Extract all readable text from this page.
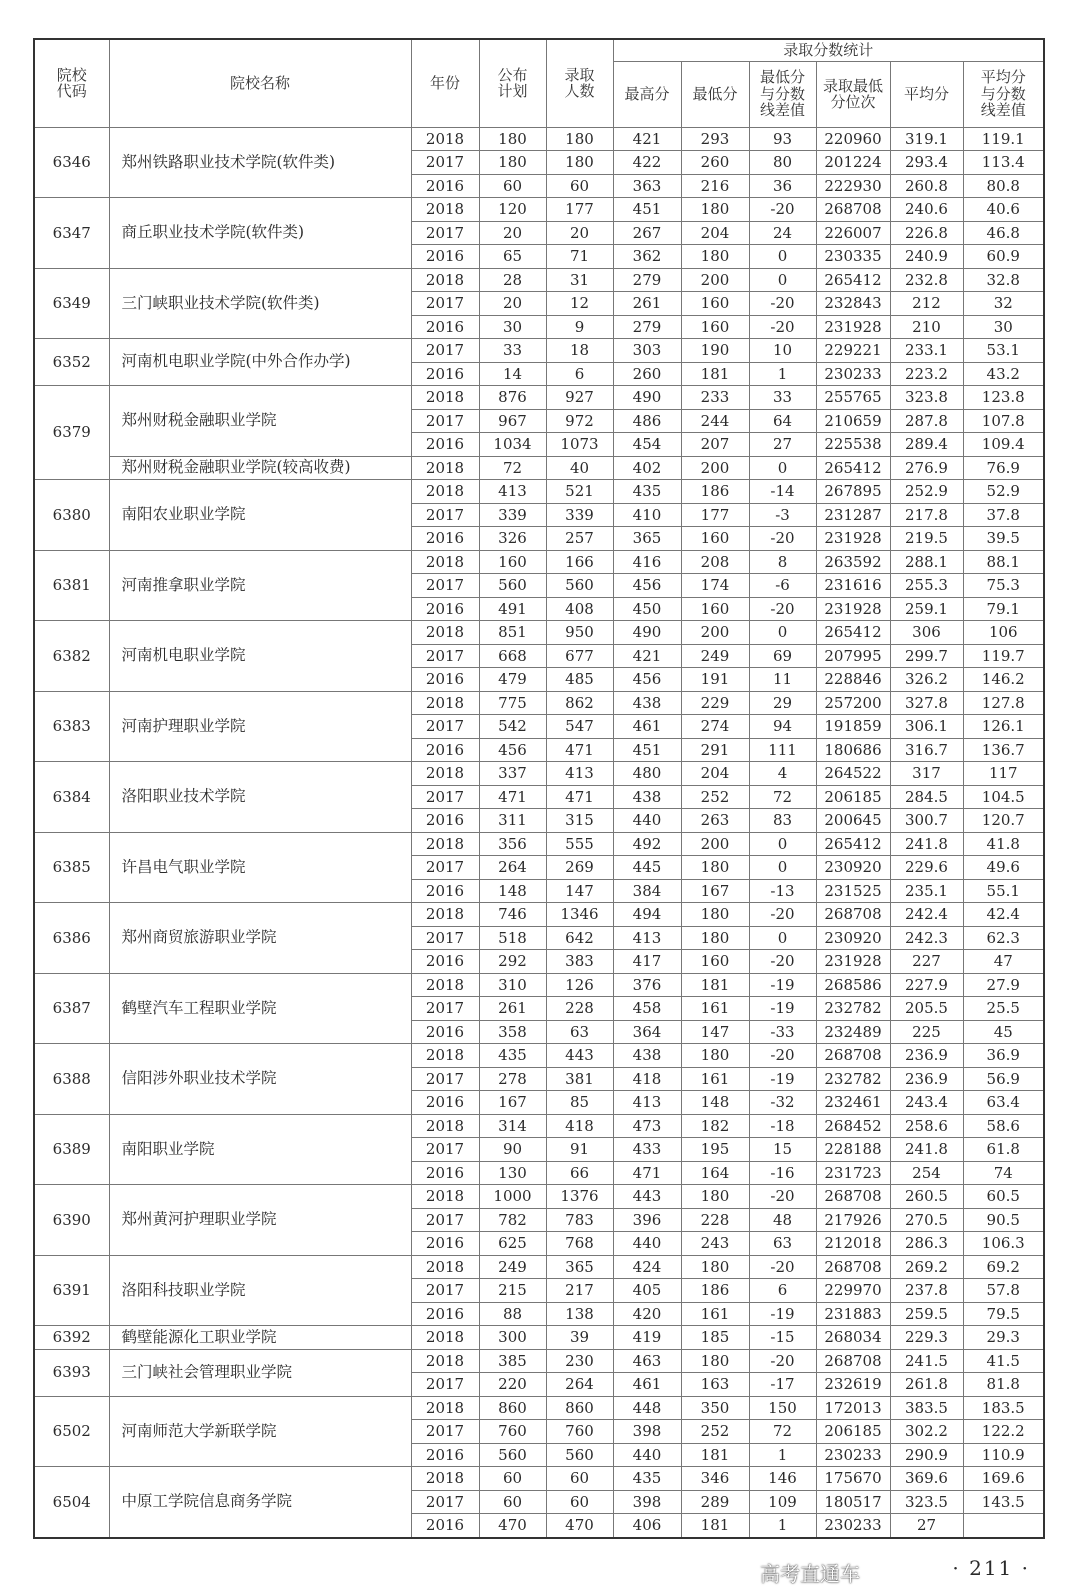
院校代码	院校名称	年份	公布计划	录取人数	录取分数统计					
					最高分	最低分	最低分与分数线差值	录取最低分位次	平均分	平均分与分数线差值
6346	郑州铁路职业技术学院(软件类)	2018	180	180	421	293	93	220960	319.1	119.1
		2017	180	180	422	260	80	201224	293.4	113.4
		2016	60	60	363	216	36	222930	260.8	80.8
6347	商丘职业技术学院(软件类)	2018	120	177	451	180	-20	268708	240.6	40.6
		2017	20	20	267	204	24	226007	226.8	46.8
		2016	65	71	362	180	0	230335	240.9	60.9
6349	三门峡职业技术学院(软件类)	2018	28	31	279	200	0	265412	232.8	32.8
		2017	20	12	261	160	-20	232843	212	32
		2016	30	9	279	160	-20	231928	210	30
6352	河南机电职业学院(中外合作办学)	2017	33	18	303	190	10	229221	233.1	53.1
		2016	14	6	260	181	1	230233	223.2	43.2
6379	郑州财税金融职业学院	2018	876	927	490	233	33	255765	323.8	123.8
		2017	967	972	486	244	64	210659	287.8	107.8
		2016	1034	1073	454	207	27	225538	289.4	109.4
	郑州财税金融职业学院(较高收费)	2018	72	40	402	200	0	265412	276.9	76.9
6380	南阳农业职业学院	2018	413	521	435	186	-14	267895	252.9	52.9
		2017	339	339	410	177	-3	231287	217.8	37.8
		2016	326	257	365	160	-20	231928	219.5	39.5
6381	河南推拿职业学院	2018	160	166	416	208	8	263592	288.1	88.1
		2017	560	560	456	174	-6	231616	255.3	75.3
		2016	491	408	450	160	-20	231928	259.1	79.1
6382	河南机电职业学院	2018	851	950	490	200	0	265412	306	106
		2017	668	677	421	249	69	207995	299.7	119.7
		2016	479	485	456	191	11	228846	326.2	146.2
6383	河南护理职业学院	2018	775	862	438	229	29	257200	327.8	127.8
		2017	542	547	461	274	94	191859	306.1	126.1
		2016	456	471	451	291	111	180686	316.7	136.7
6384	洛阳职业技术学院	2018	337	413	480	204	4	264522	317	117
		2017	471	471	438	252	72	206185	284.5	104.5
		2016	311	315	440	263	83	200645	300.7	120.7
6385	许昌电气职业学院	2018	356	555	492	200	0	265412	241.8	41.8
		2017	264	269	445	180	0	230920	229.6	49.6
		2016	148	147	384	167	-13	231525	235.1	55.1
6386	郑州商贸旅游职业学院	2018	746	1346	494	180	-20	268708	242.4	42.4
		2017	518	642	413	180	0	230920	242.3	62.3
		2016	292	383	417	160	-20	231928	227	47
6387	鹤壁汽车工程职业学院	2018	310	126	376	181	-19	268586	227.9	27.9
		2017	261	228	458	161	-19	232782	205.5	25.5
		2016	358	63	364	147	-33	232489	225	45
6388	信阳涉外职业技术学院	2018	435	443	438	180	-20	268708	236.9	36.9
		2017	278	381	418	161	-19	232782	236.9	56.9
		2016	167	85	413	148	-32	232461	243.4	63.4
6389	南阳职业学院	2018	314	418	473	182	-18	268452	258.6	58.6
		2017	90	91	433	195	15	228188	241.8	61.8
		2016	130	66	471	164	-16	231723	254	74
6390	郑州黄河护理职业学院	2018	1000	1376	443	180	-20	268708	260.5	60.5
		2017	782	783	396	228	48	217926	270.5	90.5
		2016	625	768	440	243	63	212018	286.3	106.3
6391	洛阳科技职业学院	2018	249	365	424	180	-20	268708	269.2	69.2
		2017	215	217	405	186	6	229970	237.8	57.8
		2016	88	138	420	161	-19	231883	259.5	79.5
6392	鹤壁能源化工职业学院	2018	300	39	419	185	-15	268034	229.3	29.3
6393	三门峡社会管理职业学院	2018	385	230	463	180	-20	268708	241.5	41.5
		2017	220	264	461	163	-17	232619	261.8	81.8
6502	河南师范大学新联学院	2018	860	860	448	350	150	172013	383.5	183.5
		2017	760	760	398	252	72	206185	302.2	122.2
		2016	560	560	440	181	1	230233	290.9	110.9
6504	中原工学院信息商务学院	2018	60	60	435	346	146	175670	369.6	169.6
		2017	60	60	398	289	109	180517	323.5	143.5
		2016	470	470	406	181	1	230233	27	
高考直通车	· 211 ·
